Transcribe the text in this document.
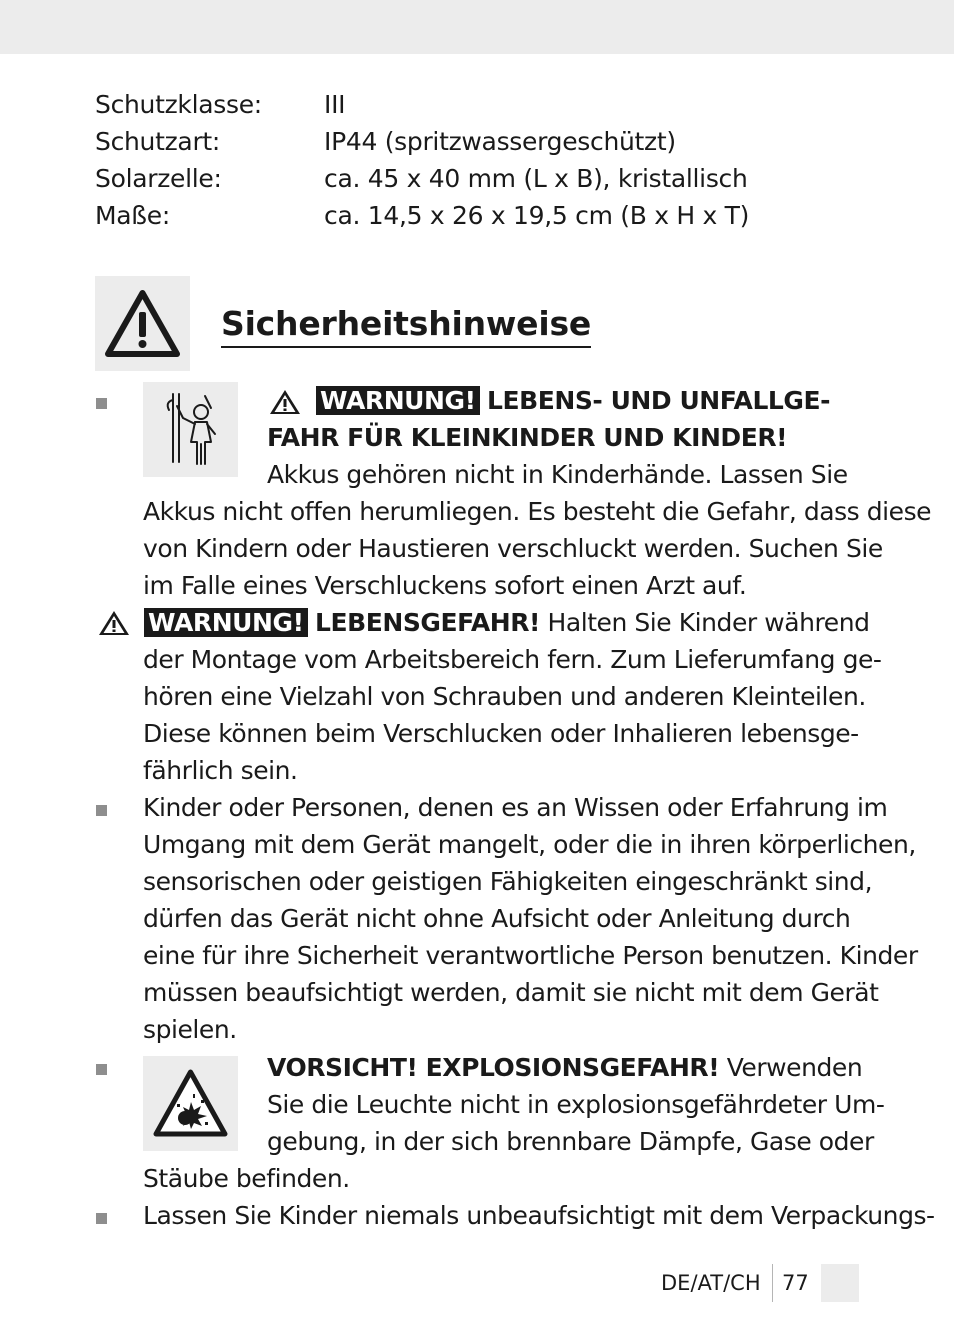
Schutzklasse: III
Schutzart:	IP44 (spritzwassergeschützt)
Solarzelle:	ca. 45 x 40 mm (L x B), kristallisch
Maße:	ca. 14,5 x 26 x 19,5 cm (B x H x T)
Sicherheitshinweise
WARNUNG! LEBENS- UND UNFALLGE-
FAHR FÜR KLEINKINDER UND KINDER!
Akkus gehören nicht in Kinderhände. Lassen Sie
Akkus nicht offen herumliegen. Es besteht die Gefahr, dass diese
von Kindern oder Haustieren verschluckt werden. Suchen Sie
im Falle eines Verschluckens sofort einen Arzt auf.
WARNUNG! LEBENSGEFAHR! Halten Sie Kinder während
der Montage vom Arbeitsbereich fern. Zum Lieferumfang ge-
hören eine Vielzahl von Schrauben und anderen Kleinteilen.
Diese können beim Verschlucken oder Inhalieren lebensge-
fährlich sein.
Kinder oder Personen, denen es an Wissen oder Erfahrung im
Umgang mit dem Gerät mangelt, oder die in ihren körperlichen,
sensorischen oder geistigen Fähigkeiten eingeschränkt sind,
dürfen das Gerät nicht ohne Aufsicht oder Anleitung durch
eine für ihre Sicherheit verantwortliche Person benutzen. Kinder
müssen beaufsichtigt werden, damit sie nicht mit dem Gerät
spielen.
VORSICHT! EXPLOSIONSGEFAHR! Verwenden
Sie die Leuchte nicht in explosionsgefährdeter Um-
gebung, in der sich brennbare Dämpfe, Gase oder
Stäube befinden.
Lassen Sie Kinder niemals unbeaufsichtigt mit dem Verpackungs-
DE/AT/CH 77
